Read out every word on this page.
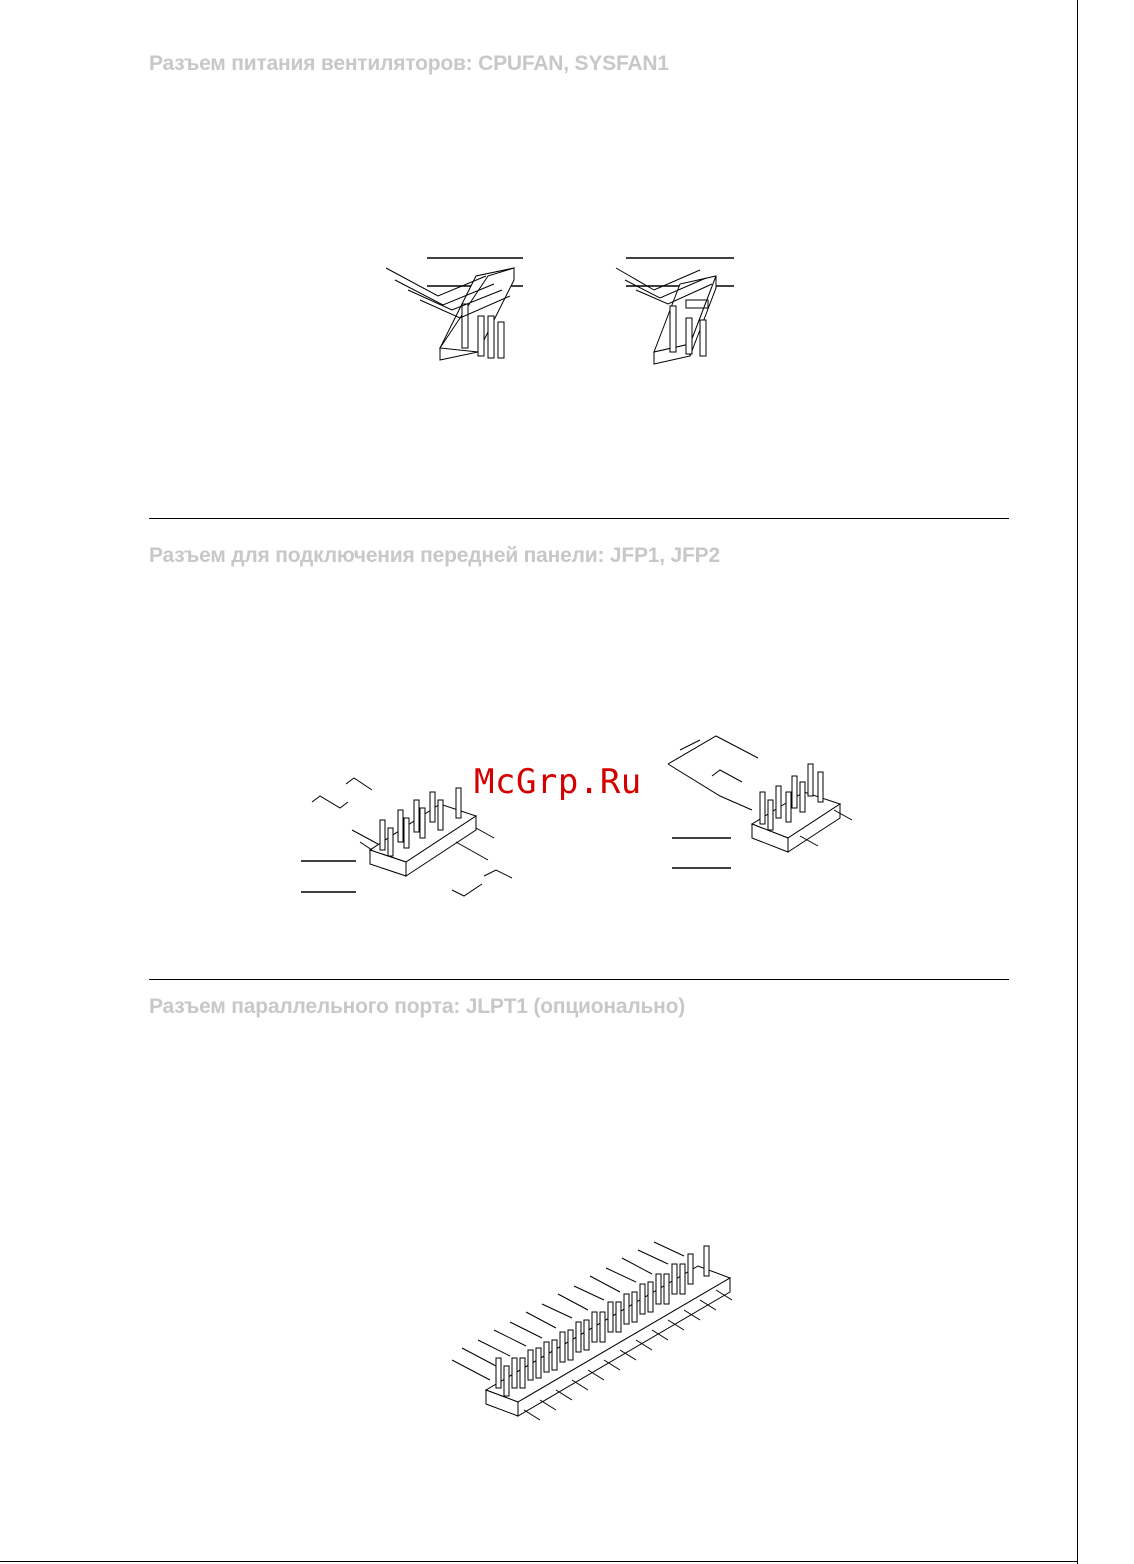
Разъем питания вентиляторов: CPUFAN, SYSFAN1
Разъем для подключения передней панели: JFP1, JFP2

McGrp.Ru

Разъем параллельного порта: JLPT1 (опционально)
